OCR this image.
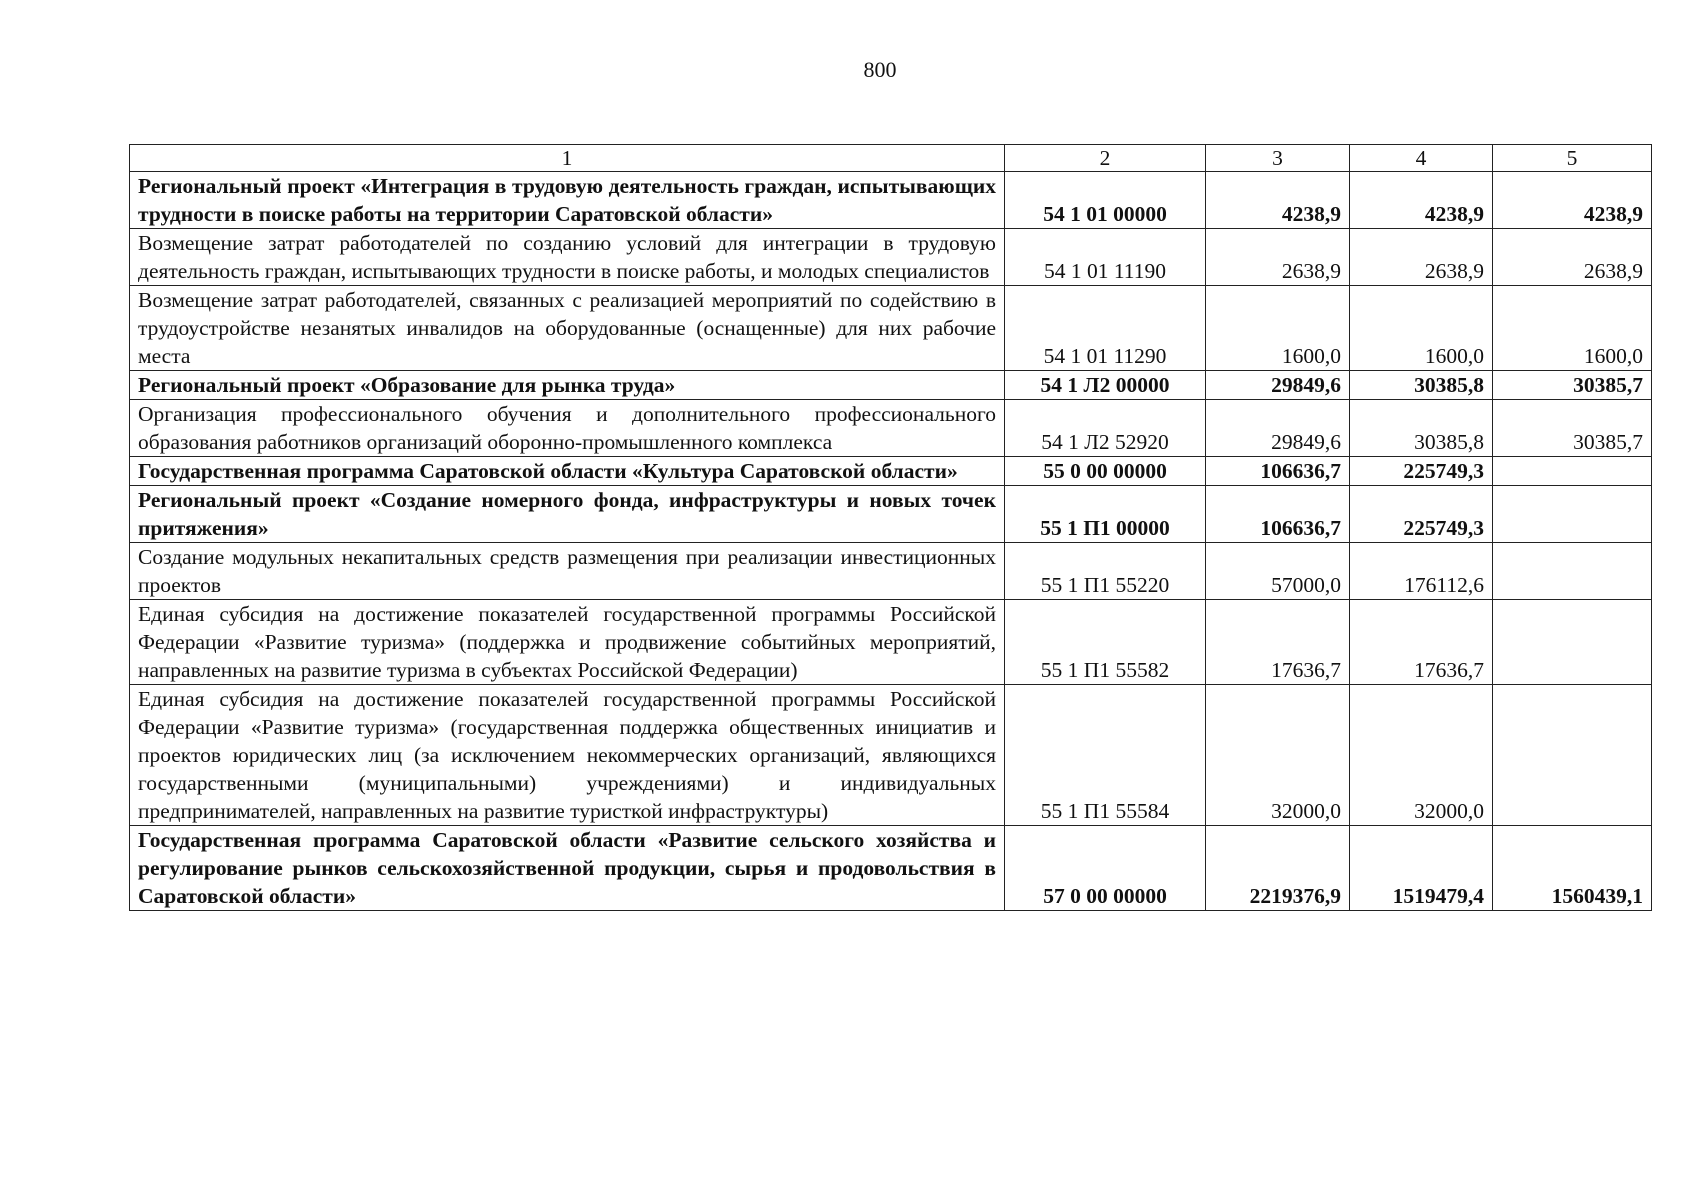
800
1	2	3	4	5
Региональный проект «Интеграция в трудовую деятельность граждан, испытывающих трудности в поиске работы на территории Саратовской области»	54 1 01 00000	4238,9	4238,9	4238,9
Возмещение затрат работодателей по созданию условий для интеграции в трудовую деятельность граждан, испытывающих трудности в поиске работы, и молодых специалистов	54 1 01 11190	2638,9	2638,9	2638,9
Возмещение затрат работодателей, связанных с реализацией мероприятий по содействию в трудоустройстве незанятых инвалидов на оборудованные (оснащенные) для них рабочие места	54 1 01 11290	1600,0	1600,0	1600,0
Региональный проект «Образование для рынка труда»	54 1 Л2 00000	29849,6	30385,8	30385,7
Организация профессионального обучения и дополнительного профессионального образования работников организаций оборонно-промышленного комплекса	54 1 Л2 52920	29849,6	30385,8	30385,7
Государственная программа Саратовской области «Культура Саратовской области»	55 0 00 00000	106636,7	225749,3	
Региональный проект «Создание номерного фонда, инфраструктуры и новых точек притяжения»	55 1 П1 00000	106636,7	225749,3	
Создание модульных некапитальных средств размещения при реализации инвестиционных проектов	55 1 П1 55220	57000,0	176112,6	
Единая субсидия на достижение показателей государственной программы Российской Федерации «Развитие туризма» (поддержка и продвижение событийных мероприятий, направленных на развитие туризма в субъектах Российской Федерации)	55 1 П1 55582	17636,7	17636,7	
Единая субсидия на достижение показателей государственной программы Российской Федерации «Развитие туризма» (государственная поддержка общественных инициатив и проектов юридических лиц (за исключением некоммерческих организаций, являющихся государственными (муниципальными) учреждениями) и индивидуальных предпринимателей, направленных на развитие туристкой инфраструктуры)	55 1 П1 55584	32000,0	32000,0	
Государственная программа Саратовской области «Развитие сельского хозяйства и регулирование рынков сельскохозяйственной продукции, сырья и продовольствия в Саратовской области»	57 0 00 00000	2219376,9	1519479,4	1560439,1
